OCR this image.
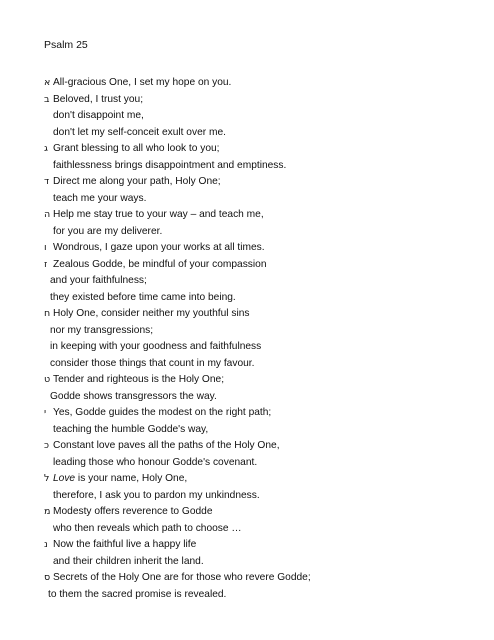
Psalm 25
א All-gracious One, I set my hope on you.
ב Beloved, I trust you;
don't disappoint me,
don't let my self-conceit exult over me.
ג Grant blessing to all who look to you;
faithlessness brings disappointment and emptiness.
ד Direct me along your path, Holy One;
teach me your ways.
ה Help me stay true to your way – and teach me,
for you are my deliverer.
ו Wondrous, I gaze upon your works at all times.
ז Zealous Godde, be mindful of your compassion
and your faithfulness;
they existed before time came into being.
ח Holy One, consider neither my youthful sins
nor my transgressions;
in keeping with your goodness and faithfulness
consider those things that count in my favour.
ט Tender and righteous is the Holy One;
Godde shows transgressors the way.
י Yes, Godde guides the modest on the right path;
teaching the humble Godde's way,
כ Constant love paves all the paths of the Holy One,
leading those who honour Godde's covenant.
ל Love is your name, Holy One,
therefore, I ask you to pardon my unkindness.
מ Modesty offers reverence to Godde
who then reveals which path to choose …
נ Now the faithful live a happy life
and their children inherit the land.
ס Secrets of the Holy One are for those who revere Godde;
to them the sacred promise is revealed.
